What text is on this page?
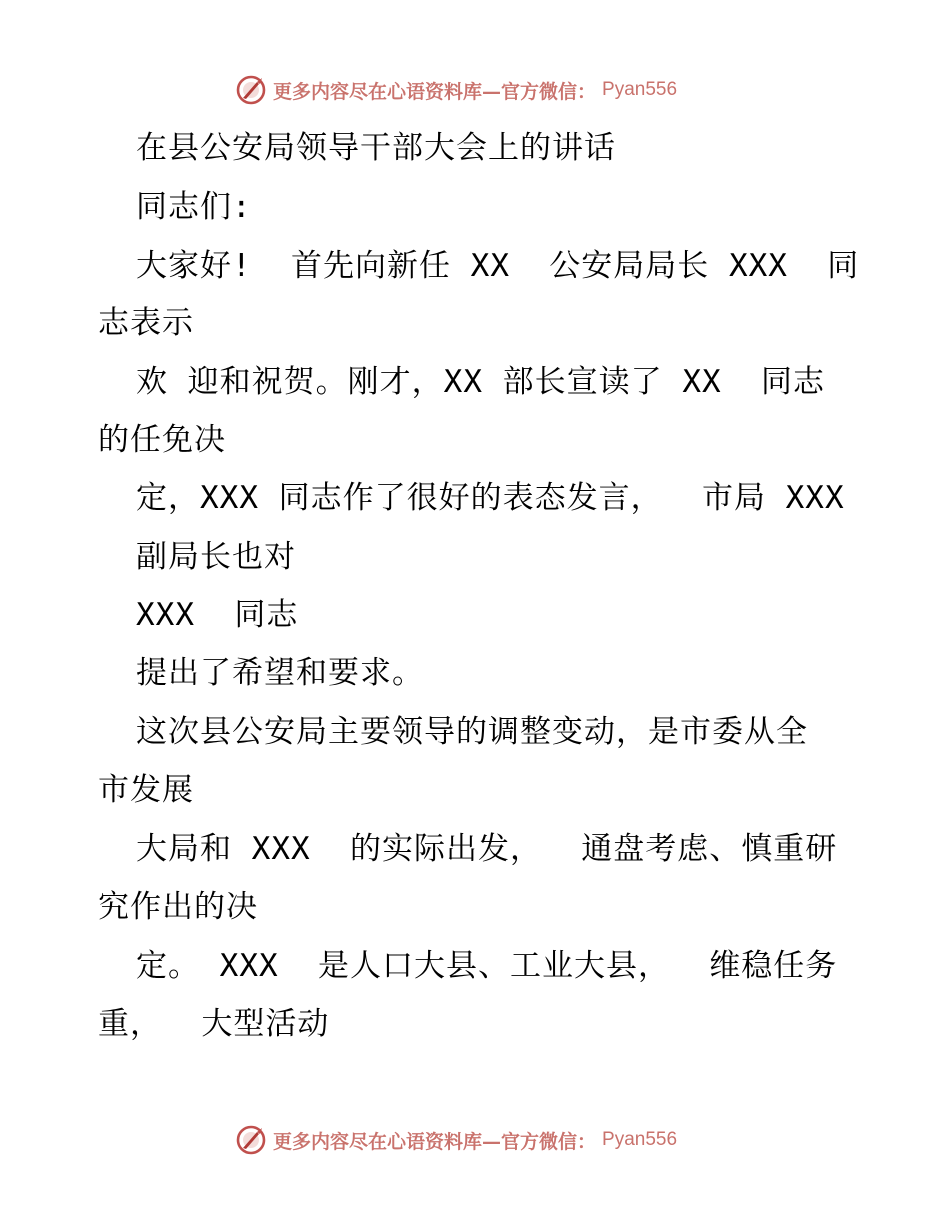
更多内容尽在心语资料库—官方微信： Pyan556
在县公安局领导干部大会上的讲话
同志们:
大家好!  首先向新任 XX  公安局局长 XXX  同
志表示
欢 迎和祝贺。刚才，XX 部长宣读了 XX  同志
的任免决
定，XXX 同志作了很好的表态发言，  市局 XXX
副局长也对
XXX  同志
提出了希望和要求。
这次县公安局主要领导的调整变动，是市委从全
市发展
大局和 XXX  的实际出发，  通盘考虑、慎重研
究作出的决
定。 XXX  是人口大县、工业大县，  维稳任务
重，  大型活动
更多内容尽在心语资料库—官方微信： Pyan556
